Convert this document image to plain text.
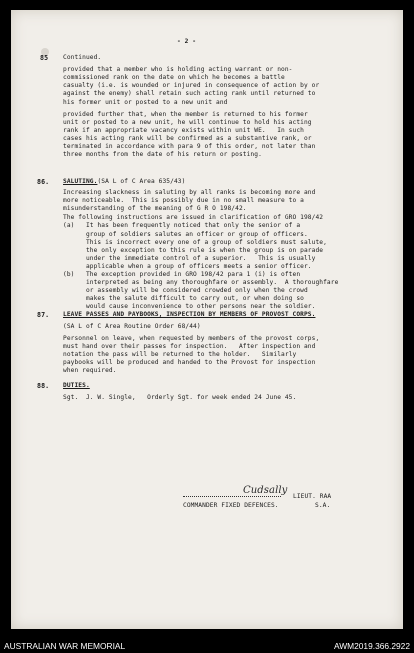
- 2 -
85 Continued.
provided that a member who is holding acting warrant or non-
commissioned rank on the date on which he becomes a battle
casualty (i.e. is wounded or injured in consequence of action by or
against the enemy) shall retain such acting rank until returned to
his former unit or posted to a new unit and
provided further that, when the member is returned to his former
unit or posted to a new unit, he will continue to hold his acting
rank if an appropriate vacancy exists within unit WE.   In such
cases his acting rank will be confirmed as a substantive rank, or
terminated in accordance with para 9 of this order, not later than
three months from the date of his return or posting.
86. SALUTING.(SA L of C Area 635/43)
Increasing slackness in saluting by all ranks is becoming more and
more noticeable.  This is possibly due in no small measure to a
misunderstanding of the meaning of G R O 198/42.
The following instructions are issued in clarification of GRO 198/42
(a)   It has been frequently noticed that only the senior of a
group of soldiers salutes an officer or group of officers.
This is incorrect every one of a group of soldiers must salute,
the only exception to this rule is when the group is on parade
under the immediate control of a superior.   This is usually
applicable when a group of officers meets a senior officer.
(b)   The exception provided in GRO 198/42 para 1 (i) is often
interpreted as being any thoroughfare or assembly.  A thoroughfare
or assembly will be considered crowded only when the crowd
makes the salute difficult to carry out, or when doing so
would cause inconvenience to other persons near the soldier.
87. LEAVE PASSES AND PAYBOOKS, INSPECTION BY MEMBERS OF PROVOST CORPS.
(SA L of C Area Routine Order 68/44)
Personnel on leave, when requested by members of the provost corps,
must hand over their passes for inspection.   After inspection and
notation the pass will be returned to the holder.   Similarly
paybooks will be produced and handed to the Provost for inspection
when required.
88. DUTIES.
Sgt.  J. W. Single,   Orderly Sgt. for week ended 24 June 45.
Cudsally
LIEUT. RAA
COMMANDER FIXED DEFENCES.	S.A.
AUSTRALIAN WAR MEMORIAL	AWM2019.366.2922
